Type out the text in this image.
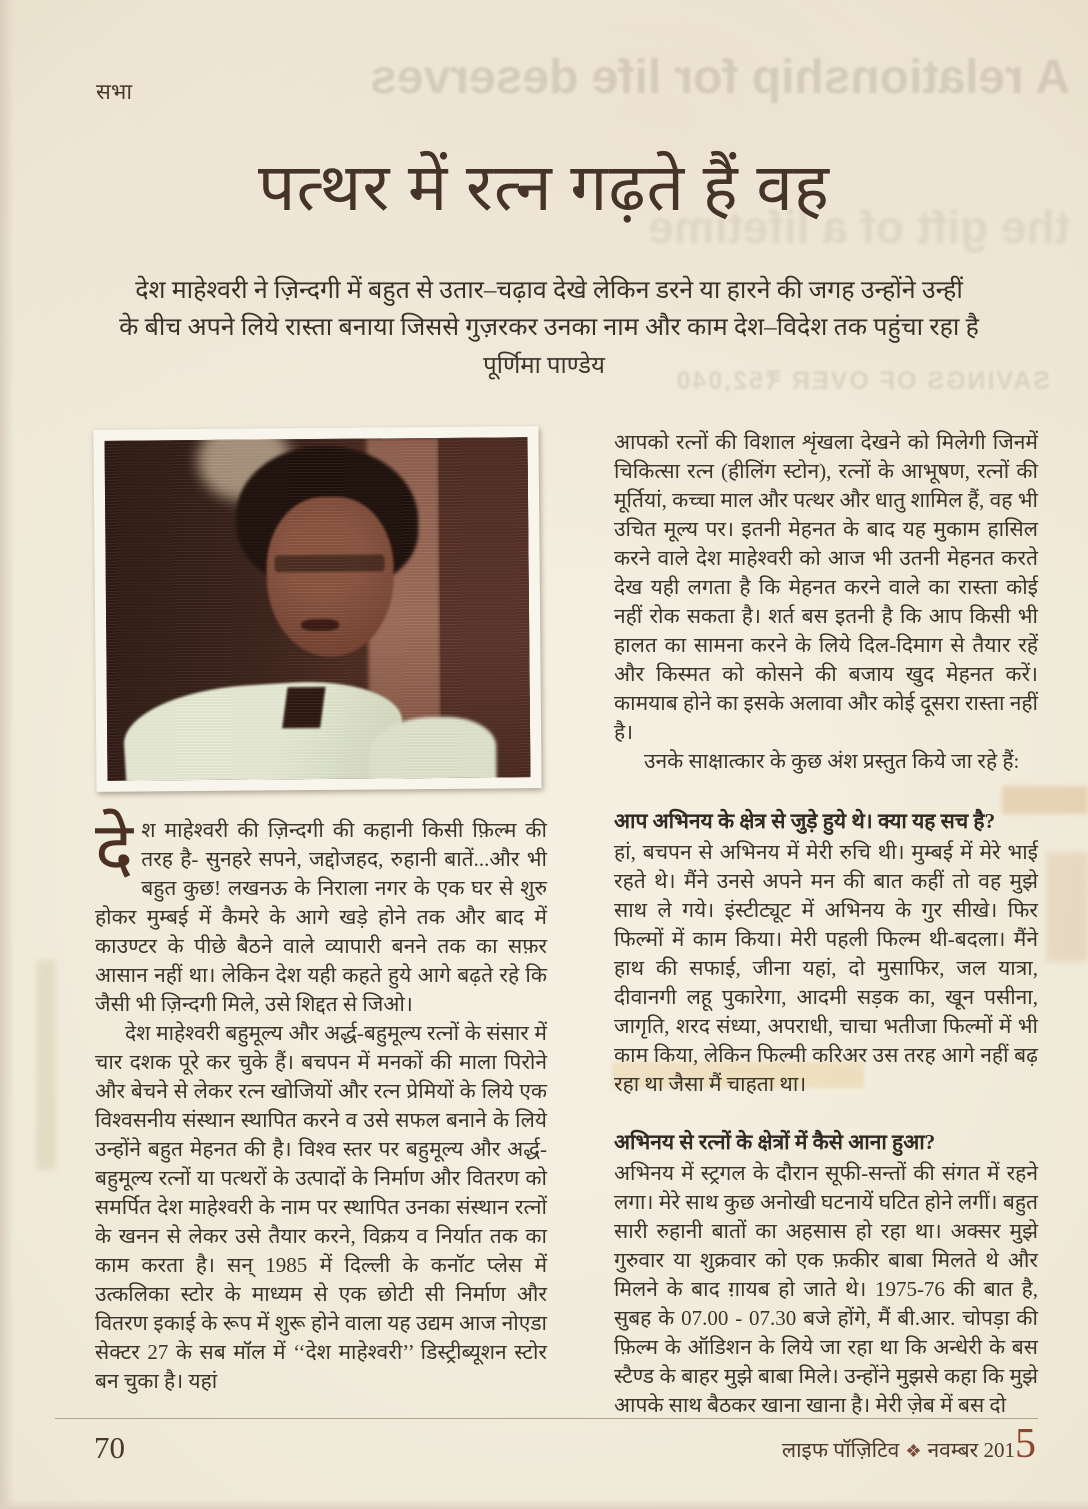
A relationship for life deserves
the gift of a lifetime
SAVINGS OF OVER ₹52,040
सभा
पत्थर में रत्न गढ़ते हैं वह
देश माहेश्वरी ने ज़िन्दगी में बहुत से उतार–चढ़ाव देखे लेकिन डरने या हारने की जगह उन्होंने उन्हीं
के बीच अपने लिये रास्ता बनाया जिससे गुज़रकर उनका नाम और काम देश–विदेश तक पहुंचा रहा है
पूर्णिमा पाण्डेय

देश माहेश्वरी की ज़िन्दगी की कहानी किसी फ़िल्म की तरह है- सुनहरे सपने, जद्दोजहद, रुहानी बातें...और भी बहुत कुछ! लखनऊ के निराला नगर के एक घर से शुरु होकर मुम्बई में कैमरे के आगे खड़े होने तक और बाद में काउण्टर के पीछे बैठने वाले व्यापारी बनने तक का सफ़र आसान नहीं था। लेकिन देश यही कहते हुये आगे बढ़ते रहे कि जैसी भी ज़िन्दगी मिले, उसे शिद्दत से जिओ।

देश माहेश्वरी बहुमूल्य और अर्द्ध-बहुमूल्य रत्नों के संसार में चार दशक पूरे कर चुके हैं। बचपन में मनकों की माला पिरोने और बेचने से लेकर रत्न खोजियों और रत्न प्रेमियों के लिये एक विश्वसनीय संस्थान स्थापित करने व उसे सफल बनाने के लिये उन्होंने बहुत मेहनत की है। विश्व स्तर पर बहुमूल्य और अर्द्ध-बहुमूल्य रत्नों या पत्थरों के उत्पादों के निर्माण और वितरण को समर्पित देश माहेश्वरी के नाम पर स्थापित उनका संस्थान रत्नों के खनन से लेकर उसे तैयार करने, विक्रय व निर्यात तक का काम करता है। सन् 1985 में दिल्ली के कनॉट प्लेस में उत्कलिका स्टोर के माध्यम से एक छोटी सी निर्माण और वितरण इकाई के रूप में शुरू होने वाला यह उद्यम आज नोएडा सेक्टर 27 के सब मॉल में ‘‘देश माहेश्वरी’’ डिस्ट्रीब्यूशन स्टोर बन चुका है। यहां

आपको रत्नों की विशाल शृंखला देखने को मिलेगी जिनमें चिकित्सा रत्न (हीलिंग स्टोन), रत्नों के आभूषण, रत्नों की मूर्तियां, कच्चा माल और पत्थर और धातु शामिल हैं, वह भी उचित मूल्य पर। इतनी मेहनत के बाद यह मुकाम हासिल करने वाले देश माहेश्वरी को आज भी उतनी मेहनत करते देख यही लगता है कि मेहनत करने वाले का रास्ता कोई नहीं रोक सकता है। शर्त बस इतनी है कि आप किसी भी हालत का सामना करने के लिये दिल-दिमाग से तैयार रहें और किस्मत को कोसने की बजाय खुद मेहनत करें। कामयाब होने का इसके अलावा और कोई दूसरा रास्ता नहीं है।

उनके साक्षात्कार के कुछ अंश प्रस्तुत किये जा रहे हैं:

आप अभिनय के क्षेत्र से जुड़े हुये थे। क्या यह सच है?

हां, बचपन से अभिनय में मेरी रुचि थी। मुम्बई में मेरे भाई रहते थे। मैंने उनसे अपने मन की बात कहीं तो वह मुझे साथ ले गये। इंस्टीट्यूट में अभिनय के गुर सीखे। फिर फिल्मों में काम किया। मेरी पहली फिल्म थी-बदला। मैंने हाथ की सफाई, जीना यहां, दो मुसाफिर, जल यात्रा, दीवानगी लहू पुकारेगा, आदमी सड़क का, खून पसीना, जागृति, शरद संध्या, अपराधी, चाचा भतीजा फिल्मों में भी काम किया, लेकिन फिल्मी करिअर उस तरह आगे नहीं बढ़ रहा था जैसा मैं चाहता था।

अभिनय से रत्नों के क्षेत्रों में कैसे आना हुआ?

अभिनय में स्ट्रगल के दौरान सूफी-सन्तों की संगत में रहने लगा। मेरे साथ कुछ अनोखी घटनायें घटित होने लगीं। बहुत सारी रुहानी बातों का अहसास हो रहा था। अक्सर मुझे गुरुवार या शुक्रवार को एक फ़कीर बाबा मिलते थे और मिलने के बाद ग़ायब हो जाते थे। 1975-76 की बात है, सुबह के 07.00 - 07.30 बजे होंगे, मैं बी.आर. चोपड़ा की फ़िल्म के ऑडिशन के लिये जा रहा था कि अन्धेरी के बस स्टैण्ड के बाहर मुझे बाबा मिले। उन्होंने मुझसे कहा कि मुझे आपके साथ बैठकर खाना खाना है। मेरी ज़ेब में बस दो

70	लाइफ पॉज़िटिव ❖ नवम्बर 2015
